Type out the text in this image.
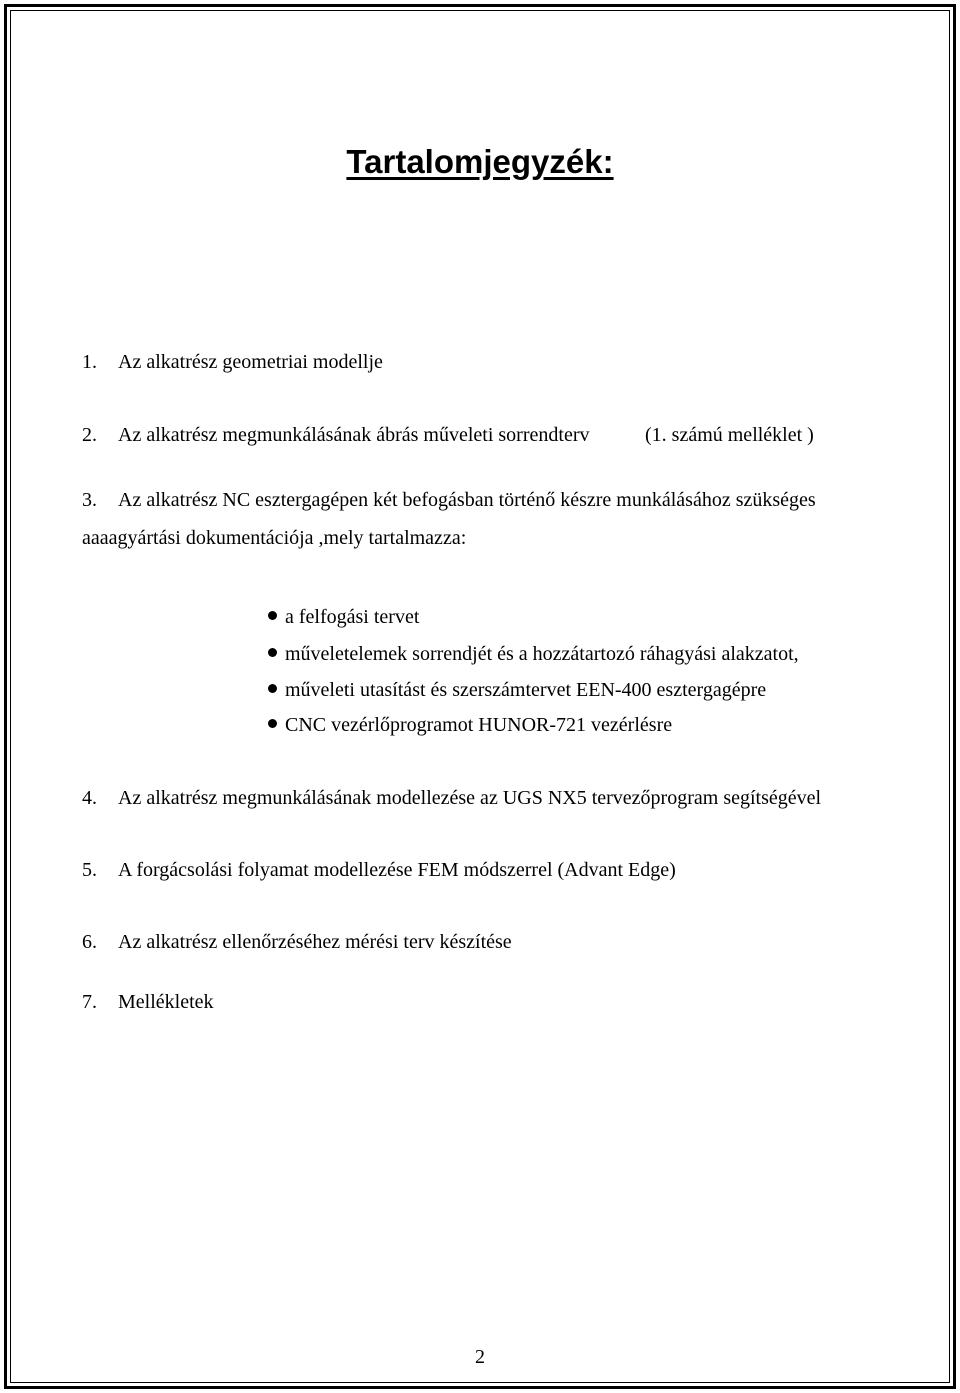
Tartalomjegyzék:
1. Az alkatrész geometriai modellje
2. Az alkatrész megmunkálásának ábrás műveleti sorrendterv	(1. számú melléklet )
3. Az alkatrész NC esztergagépen két befogásban történő készre munkálásához szükséges
aaaagyártási dokumentációja ,mely tartalmazza:
a felfogási tervet
műveletelemek sorrendjét és a hozzátartozó ráhagyási alakzatot,
műveleti utasítást és szerszámtervet EEN-400 esztergagépre
CNC vezérlőprogramot HUNOR-721 vezérlésre
4. Az alkatrész megmunkálásának modellezése az UGS NX5 tervezőprogram segítségével
5. A forgácsolási folyamat modellezése FEM módszerrel (Advant Edge)
6. Az alkatrész ellenőrzéséhez mérési terv készítése
7. Mellékletek
2
